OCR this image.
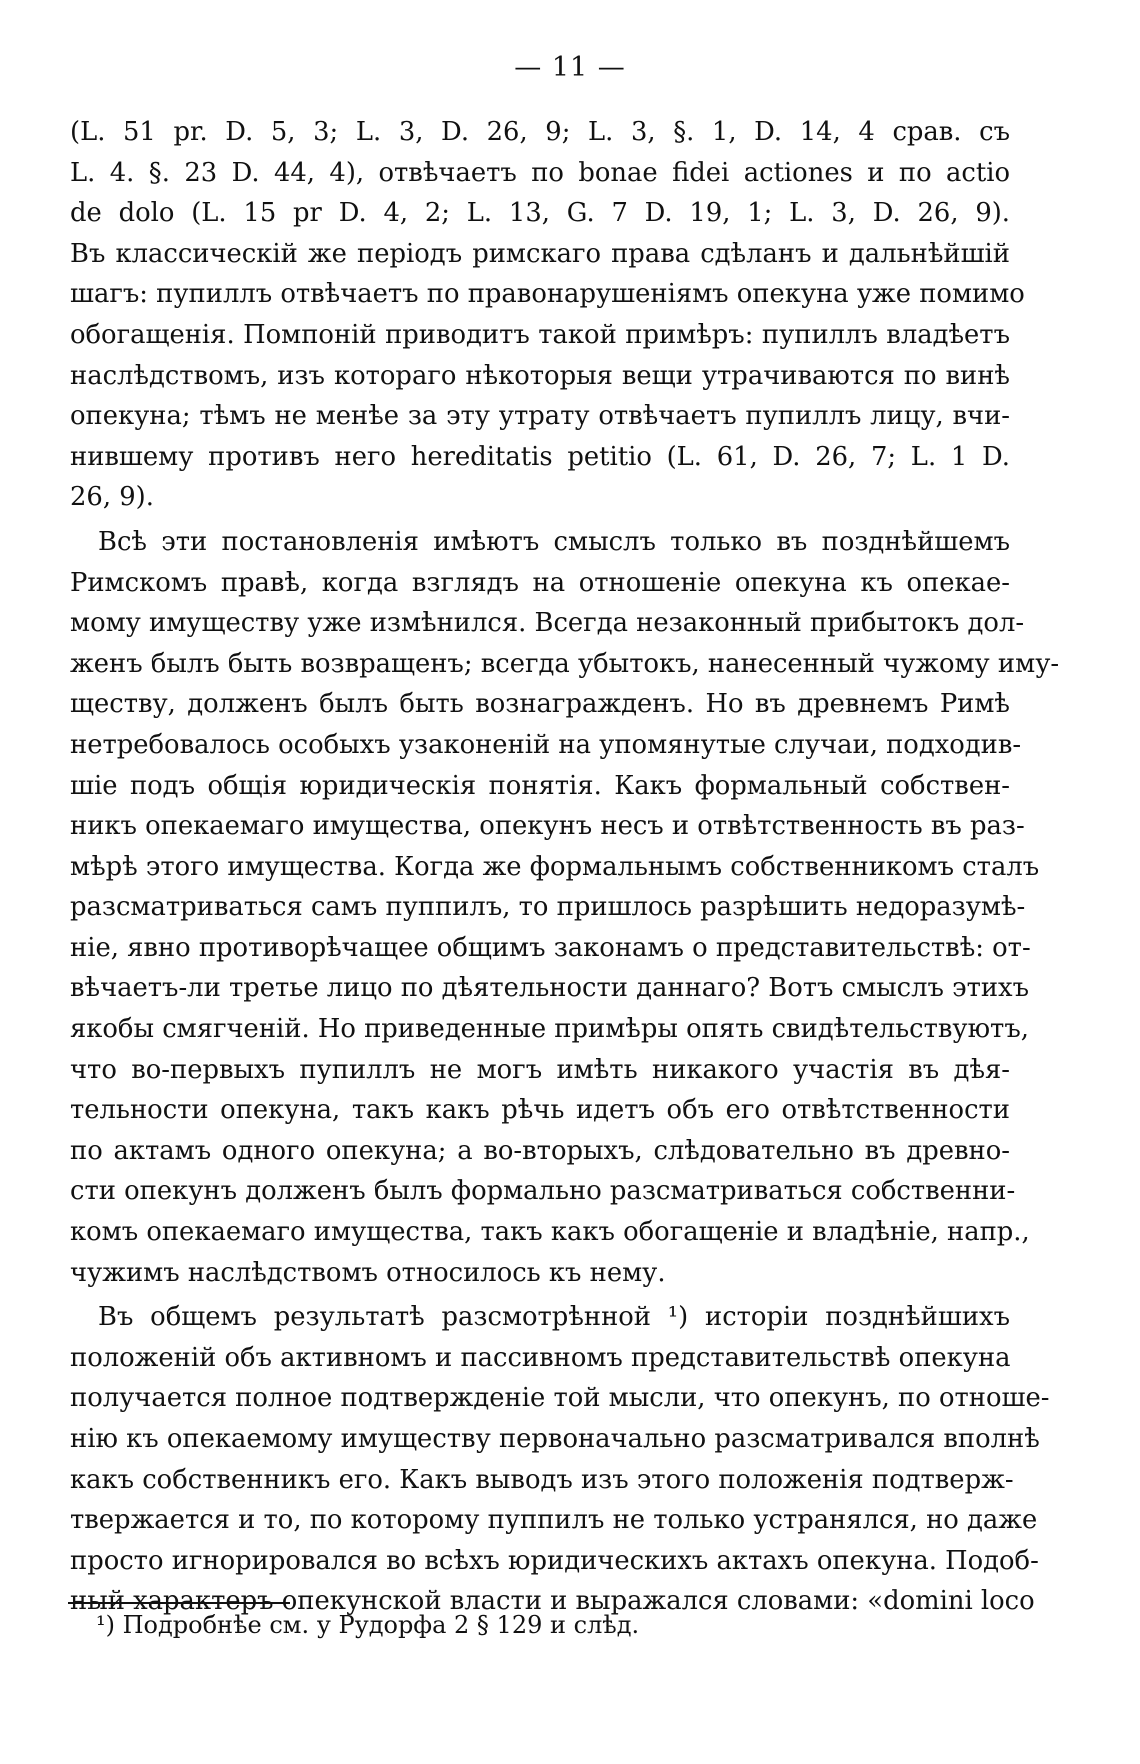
— 11 —
(L. 51 pr. D. 5, 3; L. 3, D. 26, 9; L. 3, §. 1, D. 14, 4 срав. съ
L. 4. §. 23 D. 44, 4), отвѣчаетъ по bonae fidei actiones и по actio
de dolo (L. 15 pr D. 4, 2; L. 13, G. 7 D. 19, 1; L. 3, D. 26, 9).
Въ классическій же періодъ римскаго права сдѣланъ и дальнѣйшій
шагъ: пупиллъ отвѣчаетъ по правонарушеніямъ опекуна уже помимо
обогащенія. Помпоній приводитъ такой примѣръ: пупиллъ владѣетъ
наслѣдствомъ, изъ котораго нѣкоторыя вещи утрачиваются по винѣ
опекуна; тѣмъ не менѣе за эту утрату отвѣчаетъ пупиллъ лицу, вчи-
нившему противъ него hereditatis petitio (L. 61, D. 26, 7; L. 1 D.
26, 9).
Всѣ эти постановленія имѣютъ смыслъ только въ позднѣйшемъ
Римскомъ правѣ, когда взглядъ на отношеніе опекуна къ опекае-
мому имуществу уже измѣнился. Всегда незаконный прибытокъ дол-
женъ былъ быть возвращенъ; всегда убытокъ, нанесенный чужому иму-
ществу, долженъ былъ быть вознагражденъ. Но въ древнемъ Римѣ
нетребовалось особыхъ узаконеній на упомянутые случаи, подходив-
шіе подъ общія юридическія понятія. Какъ формальный собствен-
никъ опекаемаго имущества, опекунъ несъ и отвѣтственность въ раз-
мѣрѣ этого имущества. Когда же формальнымъ собственникомъ сталъ
разсматриваться самъ пуппилъ, то пришлось разрѣшить недоразумѣ-
ніе, явно противорѣчащее общимъ законамъ о представительствѣ: от-
вѣчаетъ-ли третье лицо по дѣятельности даннаго? Вотъ смыслъ этихъ
якобы смягченій. Но приведенные примѣры опять свидѣтельствуютъ,
что во-первыхъ пупиллъ не могъ имѣть никакого участія въ дѣя-
тельности опекуна, такъ какъ рѣчь идетъ объ его отвѣтственности
по актамъ одного опекуна; а во-вторыхъ, слѣдовательно въ древно-
сти опекунъ долженъ былъ формально разсматриваться собственни-
комъ опекаемаго имущества, такъ какъ обогащеніе и владѣніе, напр.,
чужимъ наслѣдствомъ относилось къ нему.
Въ общемъ результатѣ разсмотрѣнной ¹) исторіи позднѣйшихъ
положеній объ активномъ и пассивномъ представительствѣ опекуна
получается полное подтвержденіе той мысли, что опекунъ, по отноше-
нію къ опекаемому имуществу первоначально разсматривался вполнѣ
какъ собственникъ его. Какъ выводъ изъ этого положенія подтверж-
твержается и то, по которому пуппилъ не только устранялся, но даже
просто игнорировался во всѣхъ юридическихъ актахъ опекуна. Подоб-
ный характеръ опекунской власти и выражался словами: «domini loco
¹) Подробнѣе см. у Рудорфа 2 § 129 и слѣд.
